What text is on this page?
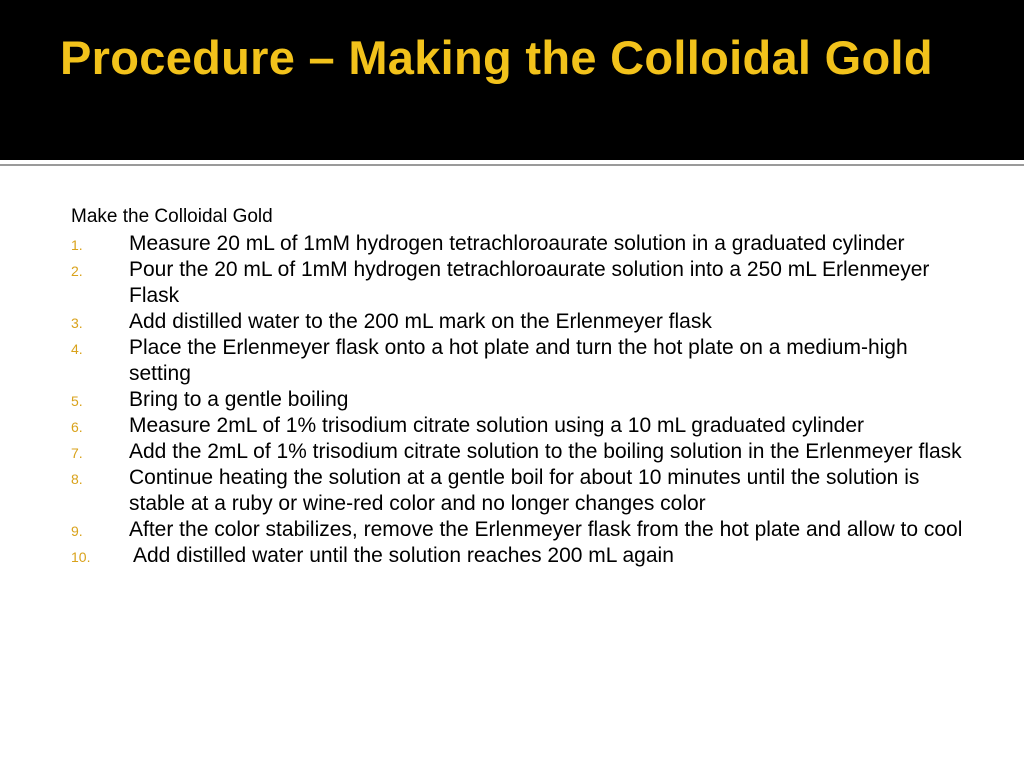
Procedure – Making the Colloidal Gold

Make the Colloidal Gold

1. Measure 20 mL of 1mM hydrogen tetrachloroaurate solution in a graduated cylinder
2. Pour the 20 mL of 1mM hydrogen tetrachloroaurate solution into a 250 mL Erlenmeyer Flask
3. Add distilled water to the 200 mL mark on the Erlenmeyer flask
4. Place the Erlenmeyer flask onto a hot plate and turn the hot plate on a medium-high setting
5. Bring to a gentle boiling
6. Measure 2mL of 1% trisodium citrate solution using a 10 mL graduated cylinder
7. Add the 2mL of 1% trisodium citrate solution to the boiling solution in the Erlenmeyer flask
8. Continue heating the solution at a gentle boil for about 10 minutes until the solution is stable at a ruby or wine-red color and no longer changes color
9. After the color stabilizes, remove the Erlenmeyer flask from the hot plate and allow to cool
10. Add distilled water until the solution reaches 200 mL again
